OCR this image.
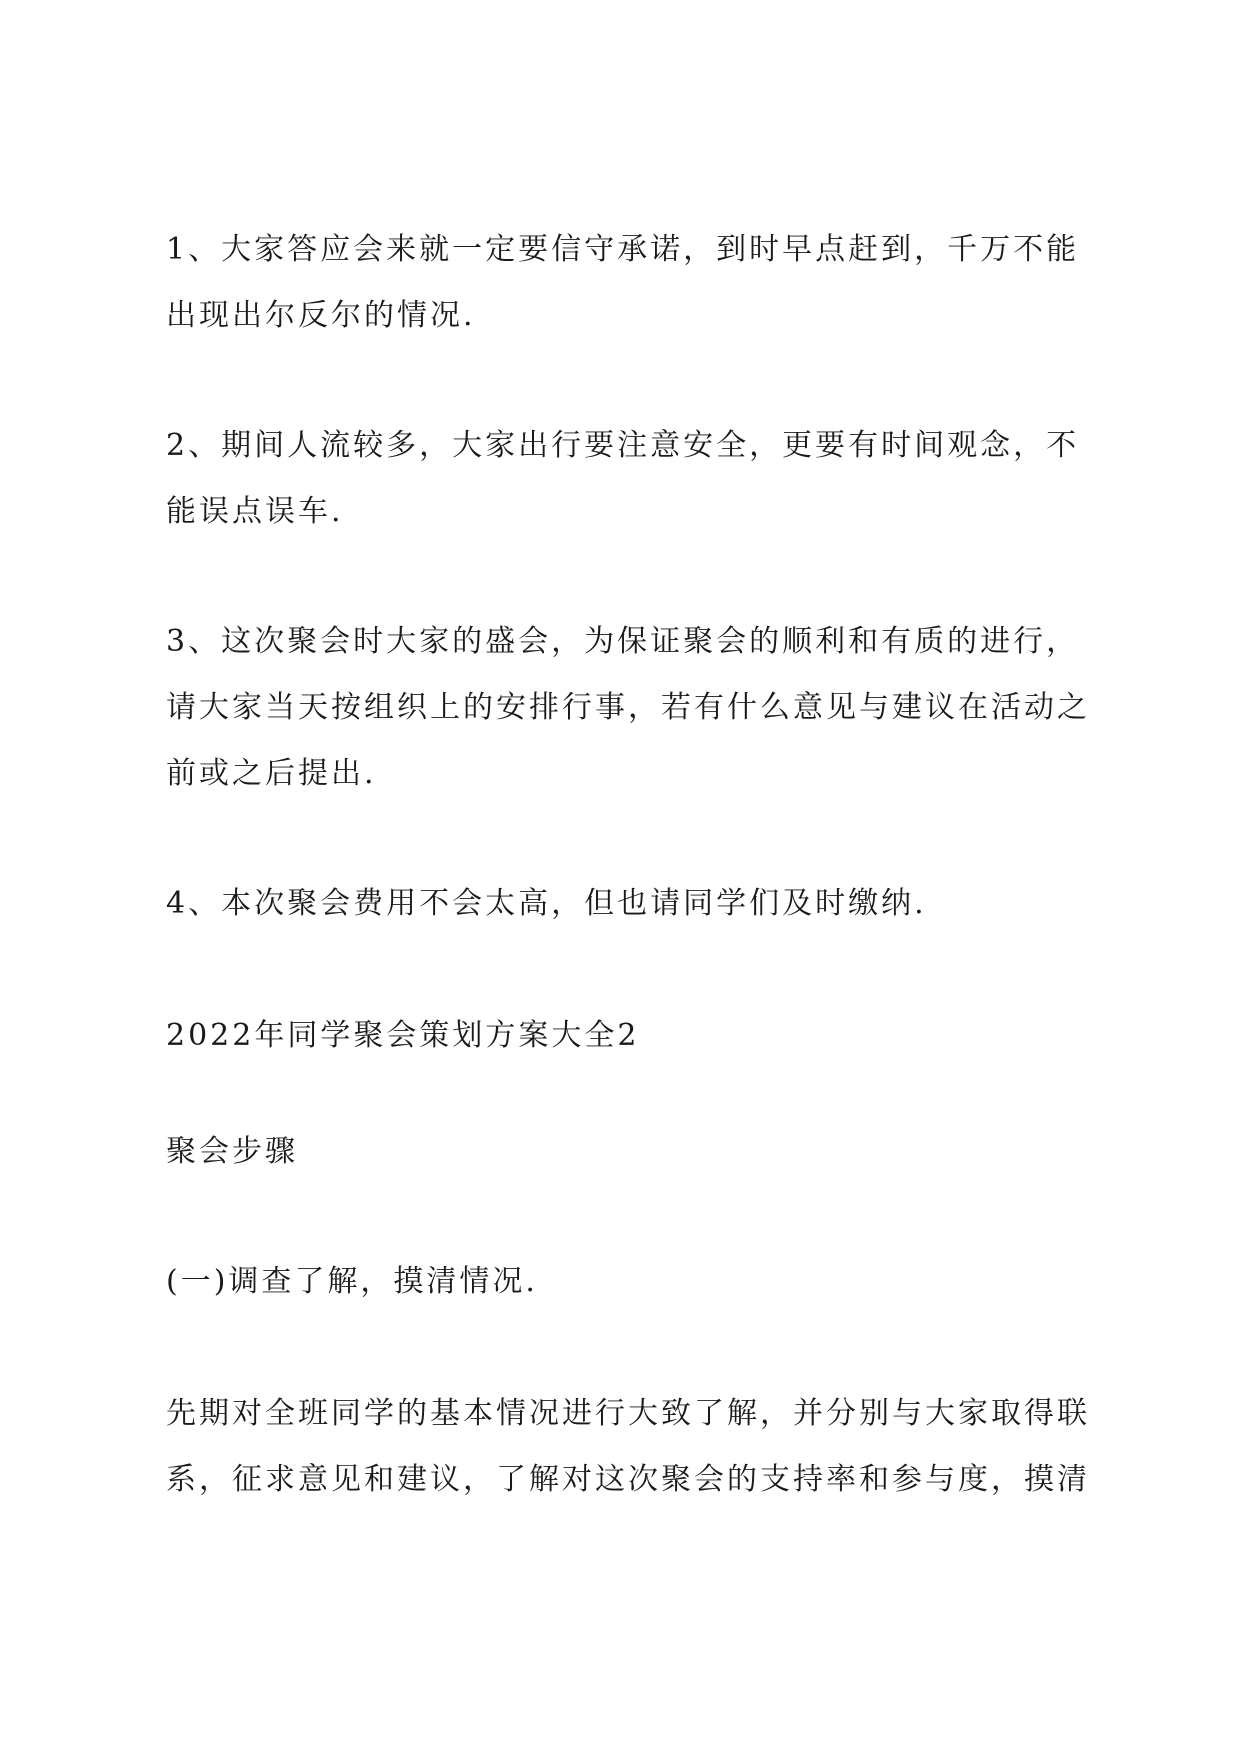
1、大家答应会来就一定要信守承诺，到时早点赶到，千万不能
出现出尔反尔的情况.
2、期间人流较多，大家出行要注意安全，更要有时间观念，不
能误点误车.
3、这次聚会时大家的盛会，为保证聚会的顺利和有质的进行，
请大家当天按组织上的安排行事，若有什么意见与建议在活动之
前或之后提出.
4、本次聚会费用不会太高，但也请同学们及时缴纳.
2022年同学聚会策划方案大全2
聚会步骤
(一)调查了解，摸清情况.
先期对全班同学的基本情况进行大致了解，并分别与大家取得联
系，征求意见和建议，了解对这次聚会的支持率和参与度，摸清
